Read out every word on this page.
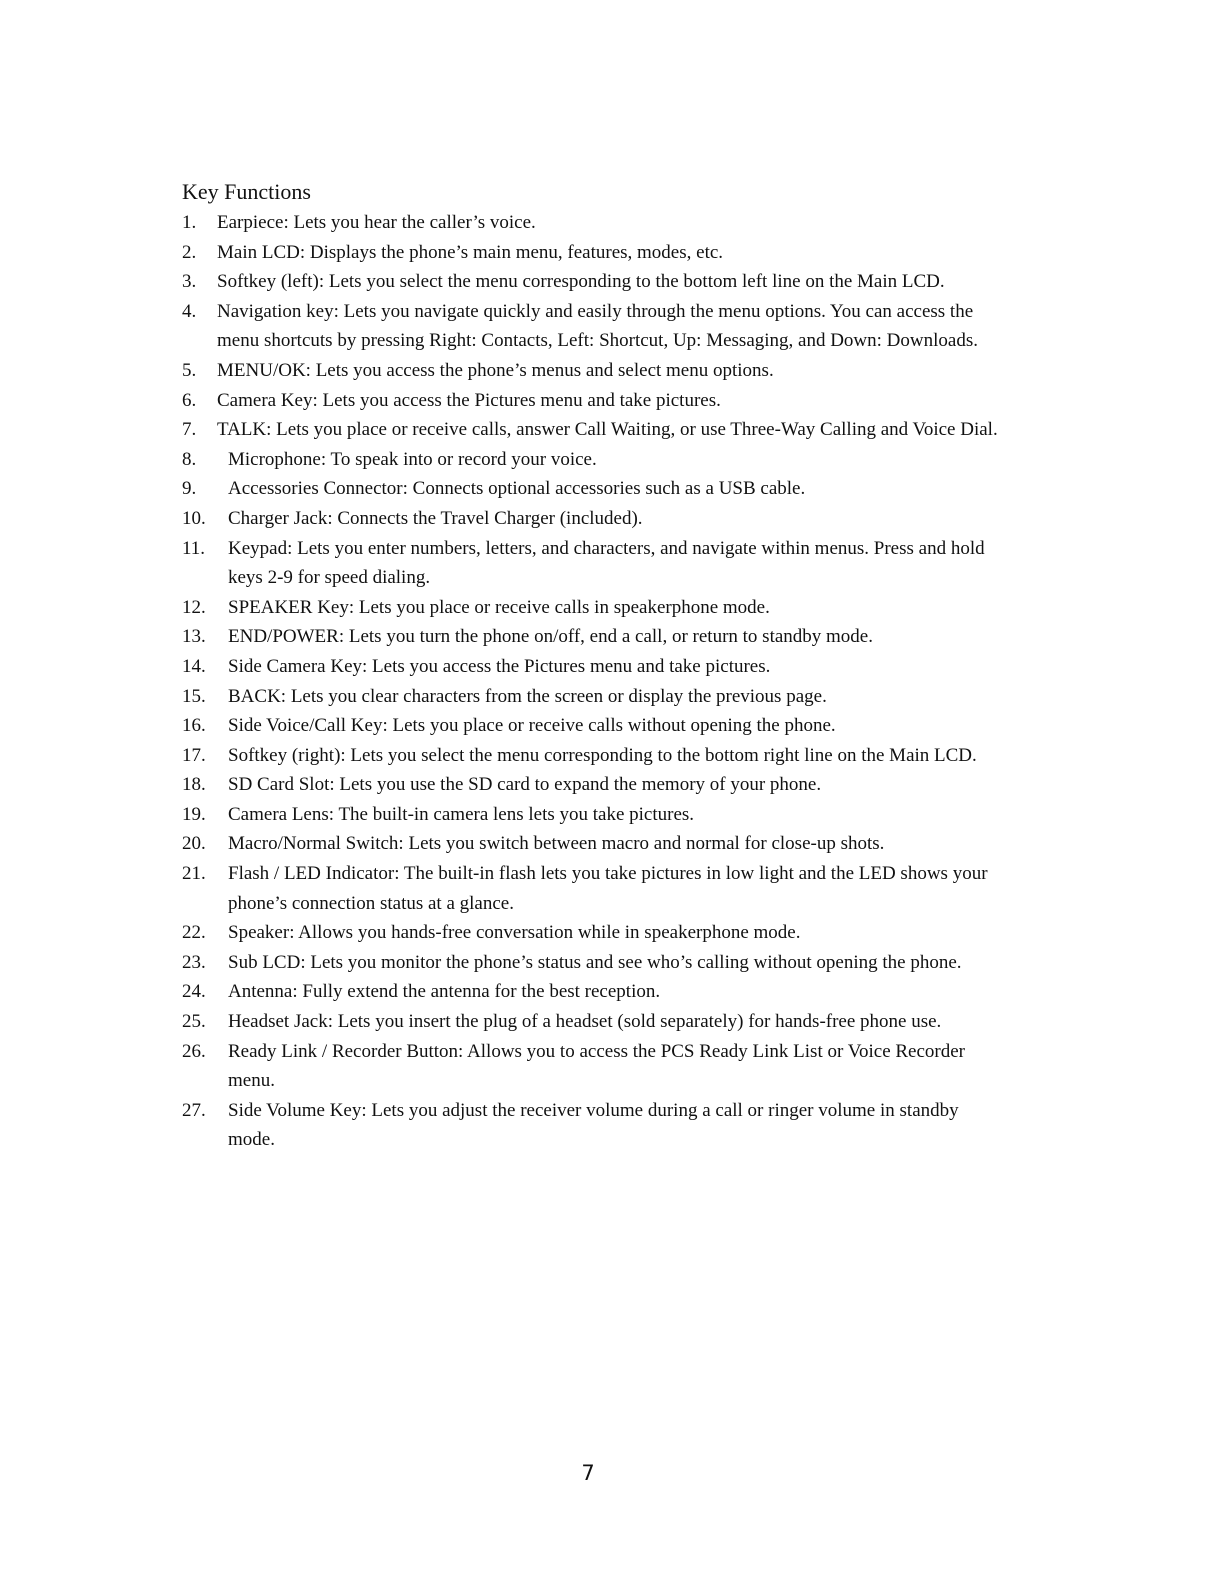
Key Functions
1.	Earpiece: Lets you hear the caller’s voice.
2.	Main LCD: Displays the phone’s main menu, features, modes, etc.
3.	Softkey (left): Lets you select the menu corresponding to the bottom left line on the Main LCD.
4.	Navigation key: Lets you navigate quickly and easily through the menu options. You can access the menu shortcuts by pressing Right: Contacts, Left: Shortcut, Up: Messaging, and Down: Downloads.
5.	MENU/OK: Lets you access the phone’s menus and select menu options.
6.	Camera Key: Lets you access the Pictures menu and take pictures.
7.	TALK: Lets you place or receive calls, answer Call Waiting, or use Three-Way Calling and Voice Dial.
8.	Microphone: To speak into or record your voice.
9.	Accessories Connector: Connects optional accessories such as a USB cable.
10.	Charger Jack: Connects the Travel Charger (included).
11.	Keypad: Lets you enter numbers, letters, and characters, and navigate within menus. Press and hold keys 2-9 for speed dialing.
12.	SPEAKER Key: Lets you place or receive calls in speakerphone mode.
13.	END/POWER: Lets you turn the phone on/off, end a call, or return to standby mode.
14.	Side Camera Key: Lets you access the Pictures menu and take pictures.
15.	BACK: Lets you clear characters from the screen or display the previous page.
16.	Side Voice/Call Key: Lets you place or receive calls without opening the phone.
17.	Softkey (right): Lets you select the menu corresponding to the bottom right line on the Main LCD.
18.	SD Card Slot: Lets you use the SD card to expand the memory of your phone.
19.	Camera Lens: The built-in camera lens lets you take pictures.
20.	Macro/Normal Switch: Lets you switch between macro and normal for close-up shots.
21.	Flash / LED Indicator: The built-in flash lets you take pictures in low light and the LED shows your phone’s connection status at a glance.
22.	Speaker: Allows you hands-free conversation while in speakerphone mode.
23.	Sub LCD: Lets you monitor the phone’s status and see who’s calling without opening the phone.
24.	Antenna: Fully extend the antenna for the best reception.
25.	Headset Jack: Lets you insert the plug of a headset (sold separately) for hands-free phone use.
26.	Ready Link / Recorder Button: Allows you to access the PCS Ready Link List or Voice Recorder menu.
27.	Side Volume Key: Lets you adjust the receiver volume during a call or ringer volume in standby mode.
7
